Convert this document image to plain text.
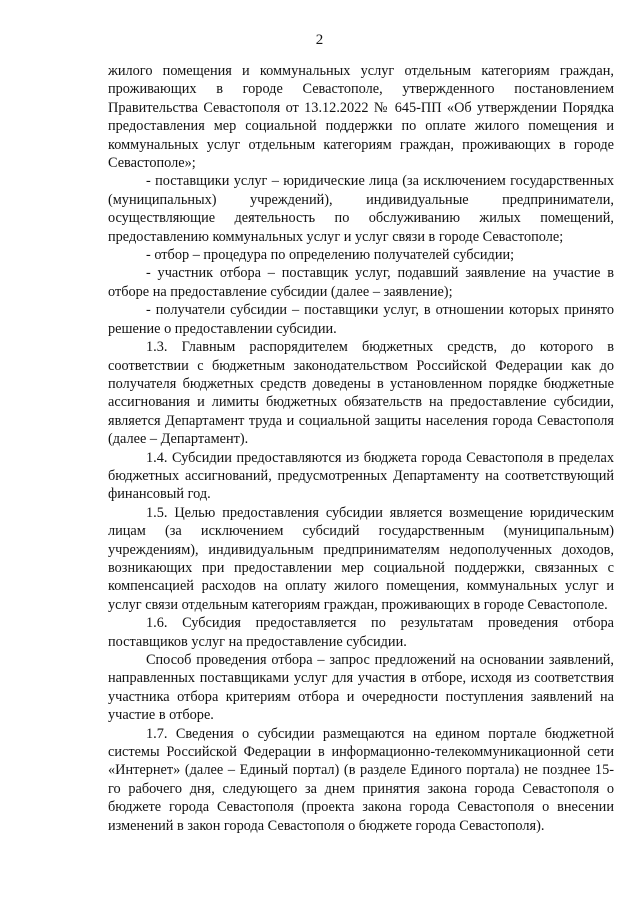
2

жилого помещения и коммунальных услуг отдельным категориям граждан, проживающих в городе Севастополе, утвержденного постановлением Правительства Севастополя от 13.12.2022 № 645-ПП «Об утверждении Порядка предоставления мер социальной поддержки по оплате жилого помещения и коммунальных услуг отдельным категориям граждан, проживающих в городе Севастополе»;

- поставщики услуг – юридические лица (за исключением государственных (муниципальных) учреждений), индивидуальные предприниматели, осуществляющие деятельность по обслуживанию жилых помещений, предоставлению коммунальных услуг и услуг связи в городе Севастополе;

- отбор – процедура по определению получателей субсидии;

- участник отбора – поставщик услуг, подавший заявление на участие в отборе на предоставление субсидии (далее – заявление);

- получатели субсидии – поставщики услуг, в отношении которых принято решение о предоставлении субсидии.

1.3. Главным распорядителем бюджетных средств, до которого в соответствии с бюджетным законодательством Российской Федерации как до получателя бюджетных средств доведены в установленном порядке бюджетные ассигнования и лимиты бюджетных обязательств на предоставление субсидии, является Департамент труда и социальной защиты населения города Севастополя (далее – Департамент).

1.4. Субсидии предоставляются из бюджета города Севастополя в пределах бюджетных ассигнований, предусмотренных Департаменту на соответствующий финансовый год.

1.5. Целью предоставления субсидии является возмещение юридическим лицам (за исключением субсидий государственным (муниципальным) учреждениям), индивидуальным предпринимателям недополученных доходов, возникающих при предоставлении мер социальной поддержки, связанных с компенсацией расходов на оплату жилого помещения, коммунальных услуг и услуг связи отдельным категориям граждан, проживающих в городе Севастополе.

1.6. Субсидия предоставляется по результатам проведения отбора поставщиков услуг на предоставление субсидии.

Способ проведения отбора – запрос предложений на основании заявлений, направленных поставщиками услуг для участия в отборе, исходя из соответствия участника отбора критериям отбора и очередности поступления заявлений на участие в отборе.

1.7. Сведения о субсидии размещаются на едином портале бюджетной системы Российской Федерации в информационно-телекоммуникационной сети «Интернет» (далее – Единый портал) (в разделе Единого портала) не позднее 15-го рабочего дня, следующего за днем принятия закона города Севастополя о бюджете города Севастополя (проекта закона города Севастополя о внесении изменений в закон города Севастополя о бюджете города Севастополя).
